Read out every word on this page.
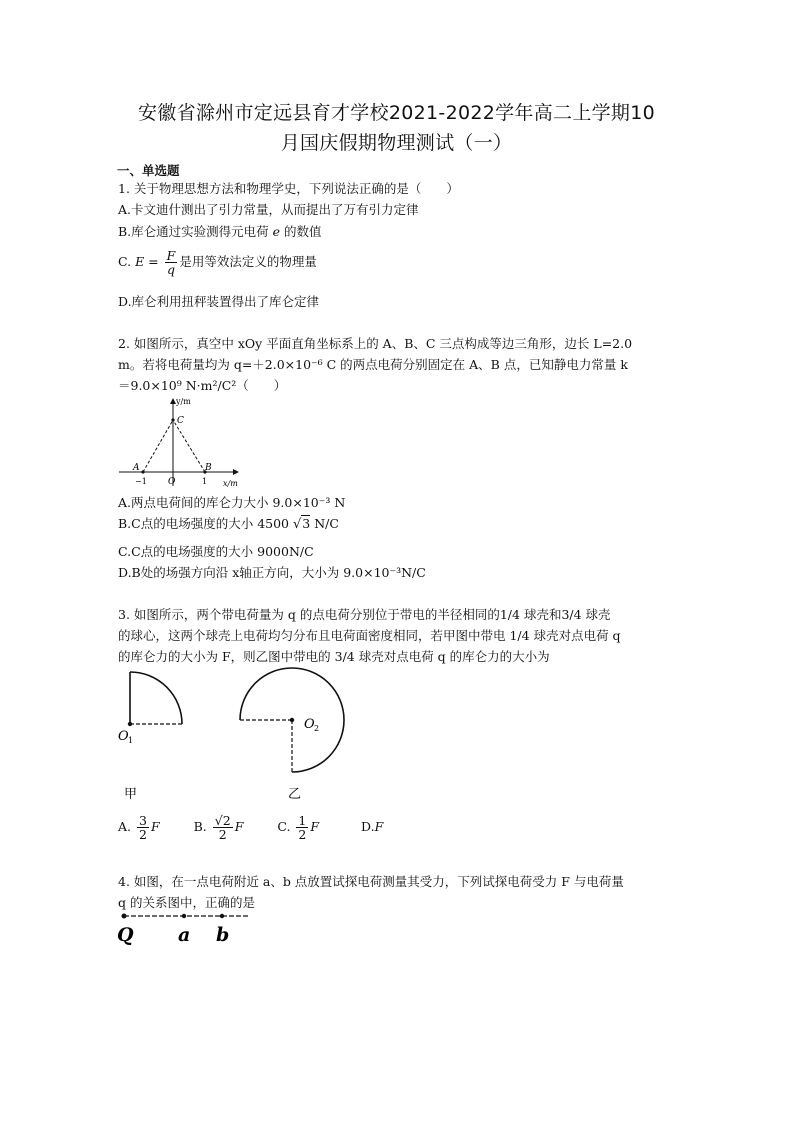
安徽省滁州市定远县育才学校2021-2022学年高二上学期10
月国庆假期物理测试（一）
一、单选题
1. 关于物理思想方法和物理学史，下列说法正确的是（　　）
A.卡文迪什测出了引力常量，从而提出了万有引力定律
B.库仑通过实验测得元电荷 e 的数值
C. $E = \frac{F}{q}$ 是用等效法定义的物理量
D.库仑利用扭秤装置得出了库仑定律
2. 如图所示，真空中 xOy 平面直角坐标系上的 A、B、C 三点构成等边三角形，边长 L=2.0
m。若将电荷量均为 q=＋2.0×10⁻⁶ C 的两点电荷分别固定在 A、B 点，已知静电力常量 k
＝9.0×10⁹ N·m²/C²（　　）
y/m
x/m
C
A	B
O
−1	1
A.两点电荷间的库仑力大小 9.0×10⁻³ N
B.C点的电场强度的大小 4500 √3 N/C
C.C点的电场强度的大小 9000N/C
D.B处的场强方向沿 x轴正方向，大小为 9.0×10⁻³N/C
3. 如图所示，两个带电荷量为 q 的点电荷分别位于带电的半径相同的1/4 球壳和3/4 球壳
的球心，这两个球壳上电荷均匀分布且电荷面密度相同，若甲图中带电 1/4 球壳对点电荷 q
的库仑力的大小为 F，则乙图中带电的 3/4 球壳对点电荷 q 的库仑力的大小为
O 1
甲
O 2
乙
A. $\frac{3}{2}$ F	B. $\frac{√2}{2}$ F	C. $\frac{1}{2}$ F	D.F
4. 如图，在一点电荷附近 a、b 点放置试探电荷测量其受力，下列试探电荷受力 F 与电荷量
q 的关系图中，正确的是
Q a b
